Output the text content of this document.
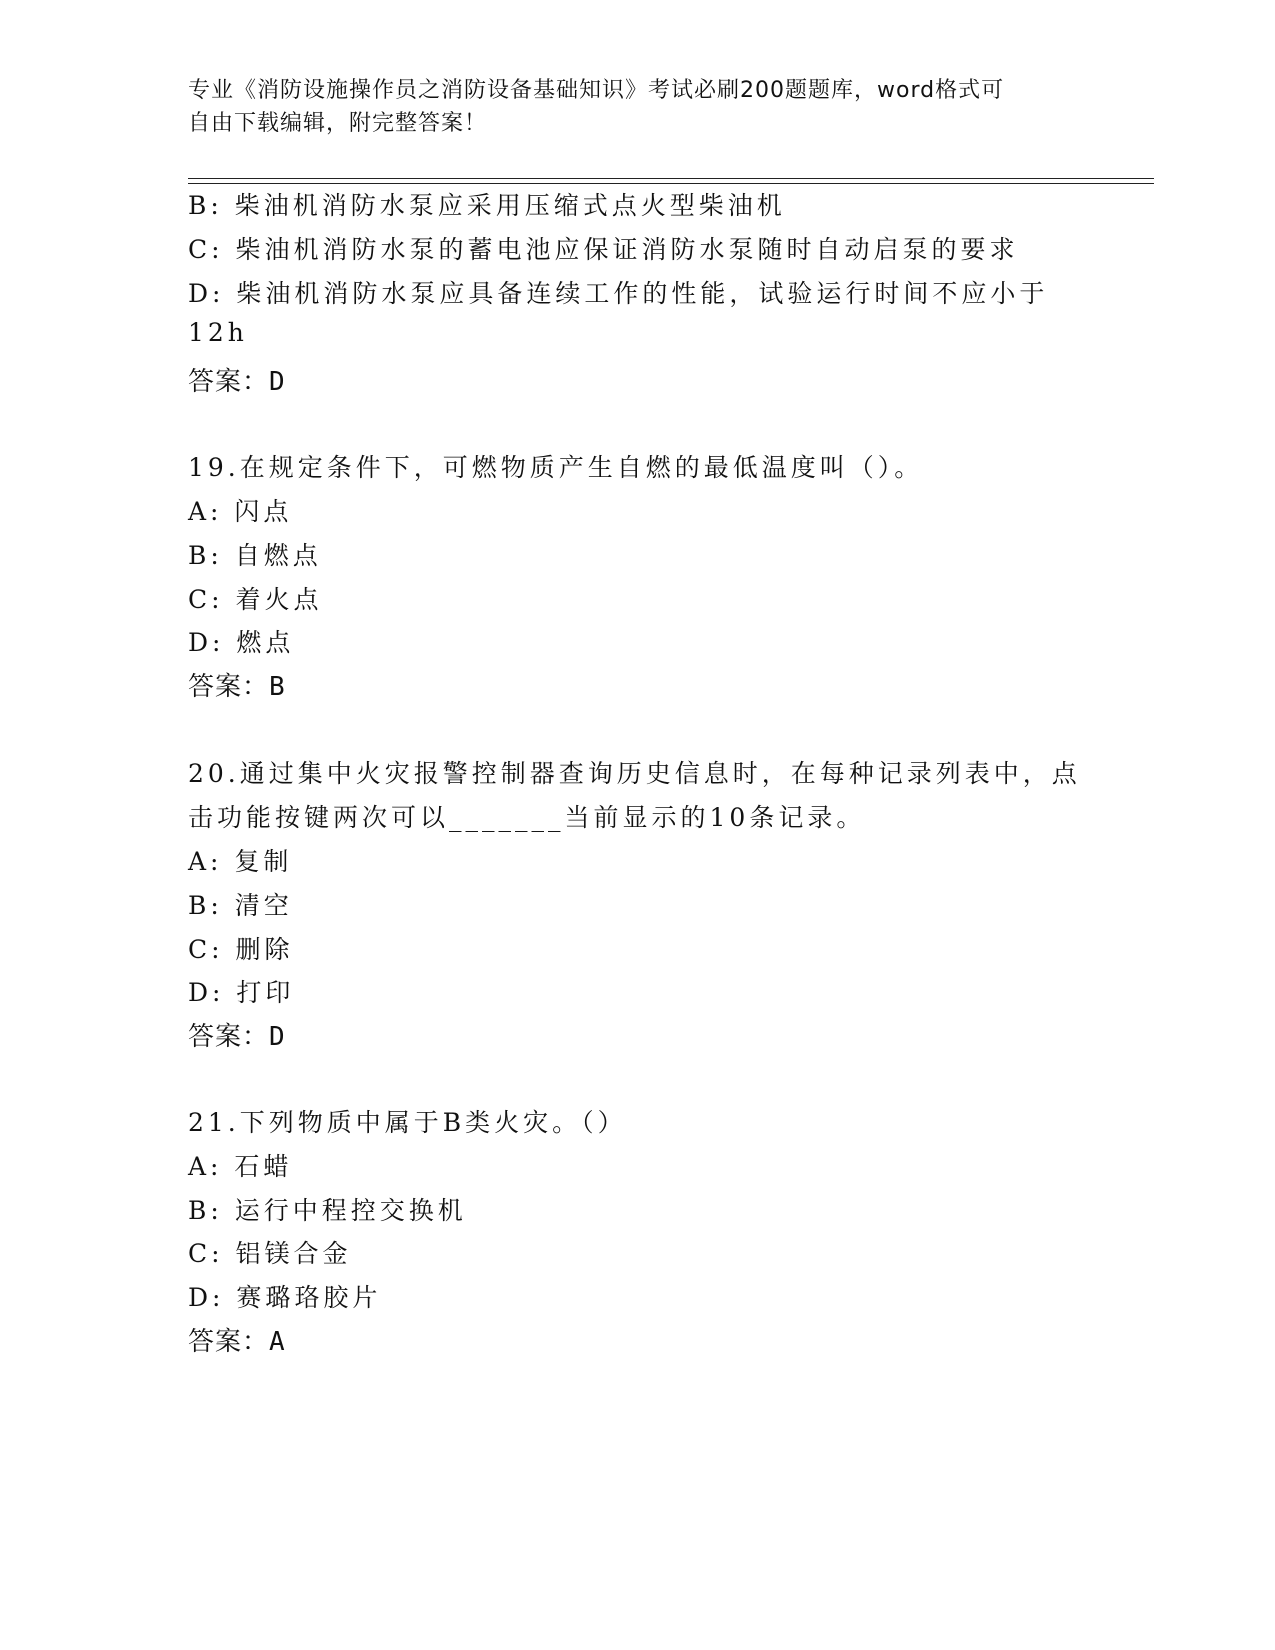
专业《消防设施操作员之消防设备基础知识》考试必刷200题题库，word格式可
自由下载编辑，附完整答案！
B: 柴油机消防水泵应采用压缩式点火型柴油机
C: 柴油机消防水泵的蓄电池应保证消防水泵随时自动启泵的要求
D: 柴油机消防水泵应具备连续工作的性能，试验运行时间不应小于
12h
答案：D
19.在规定条件下，可燃物质产生自燃的最低温度叫（）。
A: 闪点
B: 自燃点
C: 着火点
D: 燃点
答案：B
20.通过集中火灾报警控制器查询历史信息时，在每种记录列表中，点
击功能按键两次可以_______当前显示的10条记录。
A: 复制
B: 清空
C: 删除
D: 打印
答案：D
21.下列物质中属于B类火灾。（）
A: 石蜡
B: 运行中程控交换机
C: 铝镁合金
D: 赛璐珞胶片
答案：A
